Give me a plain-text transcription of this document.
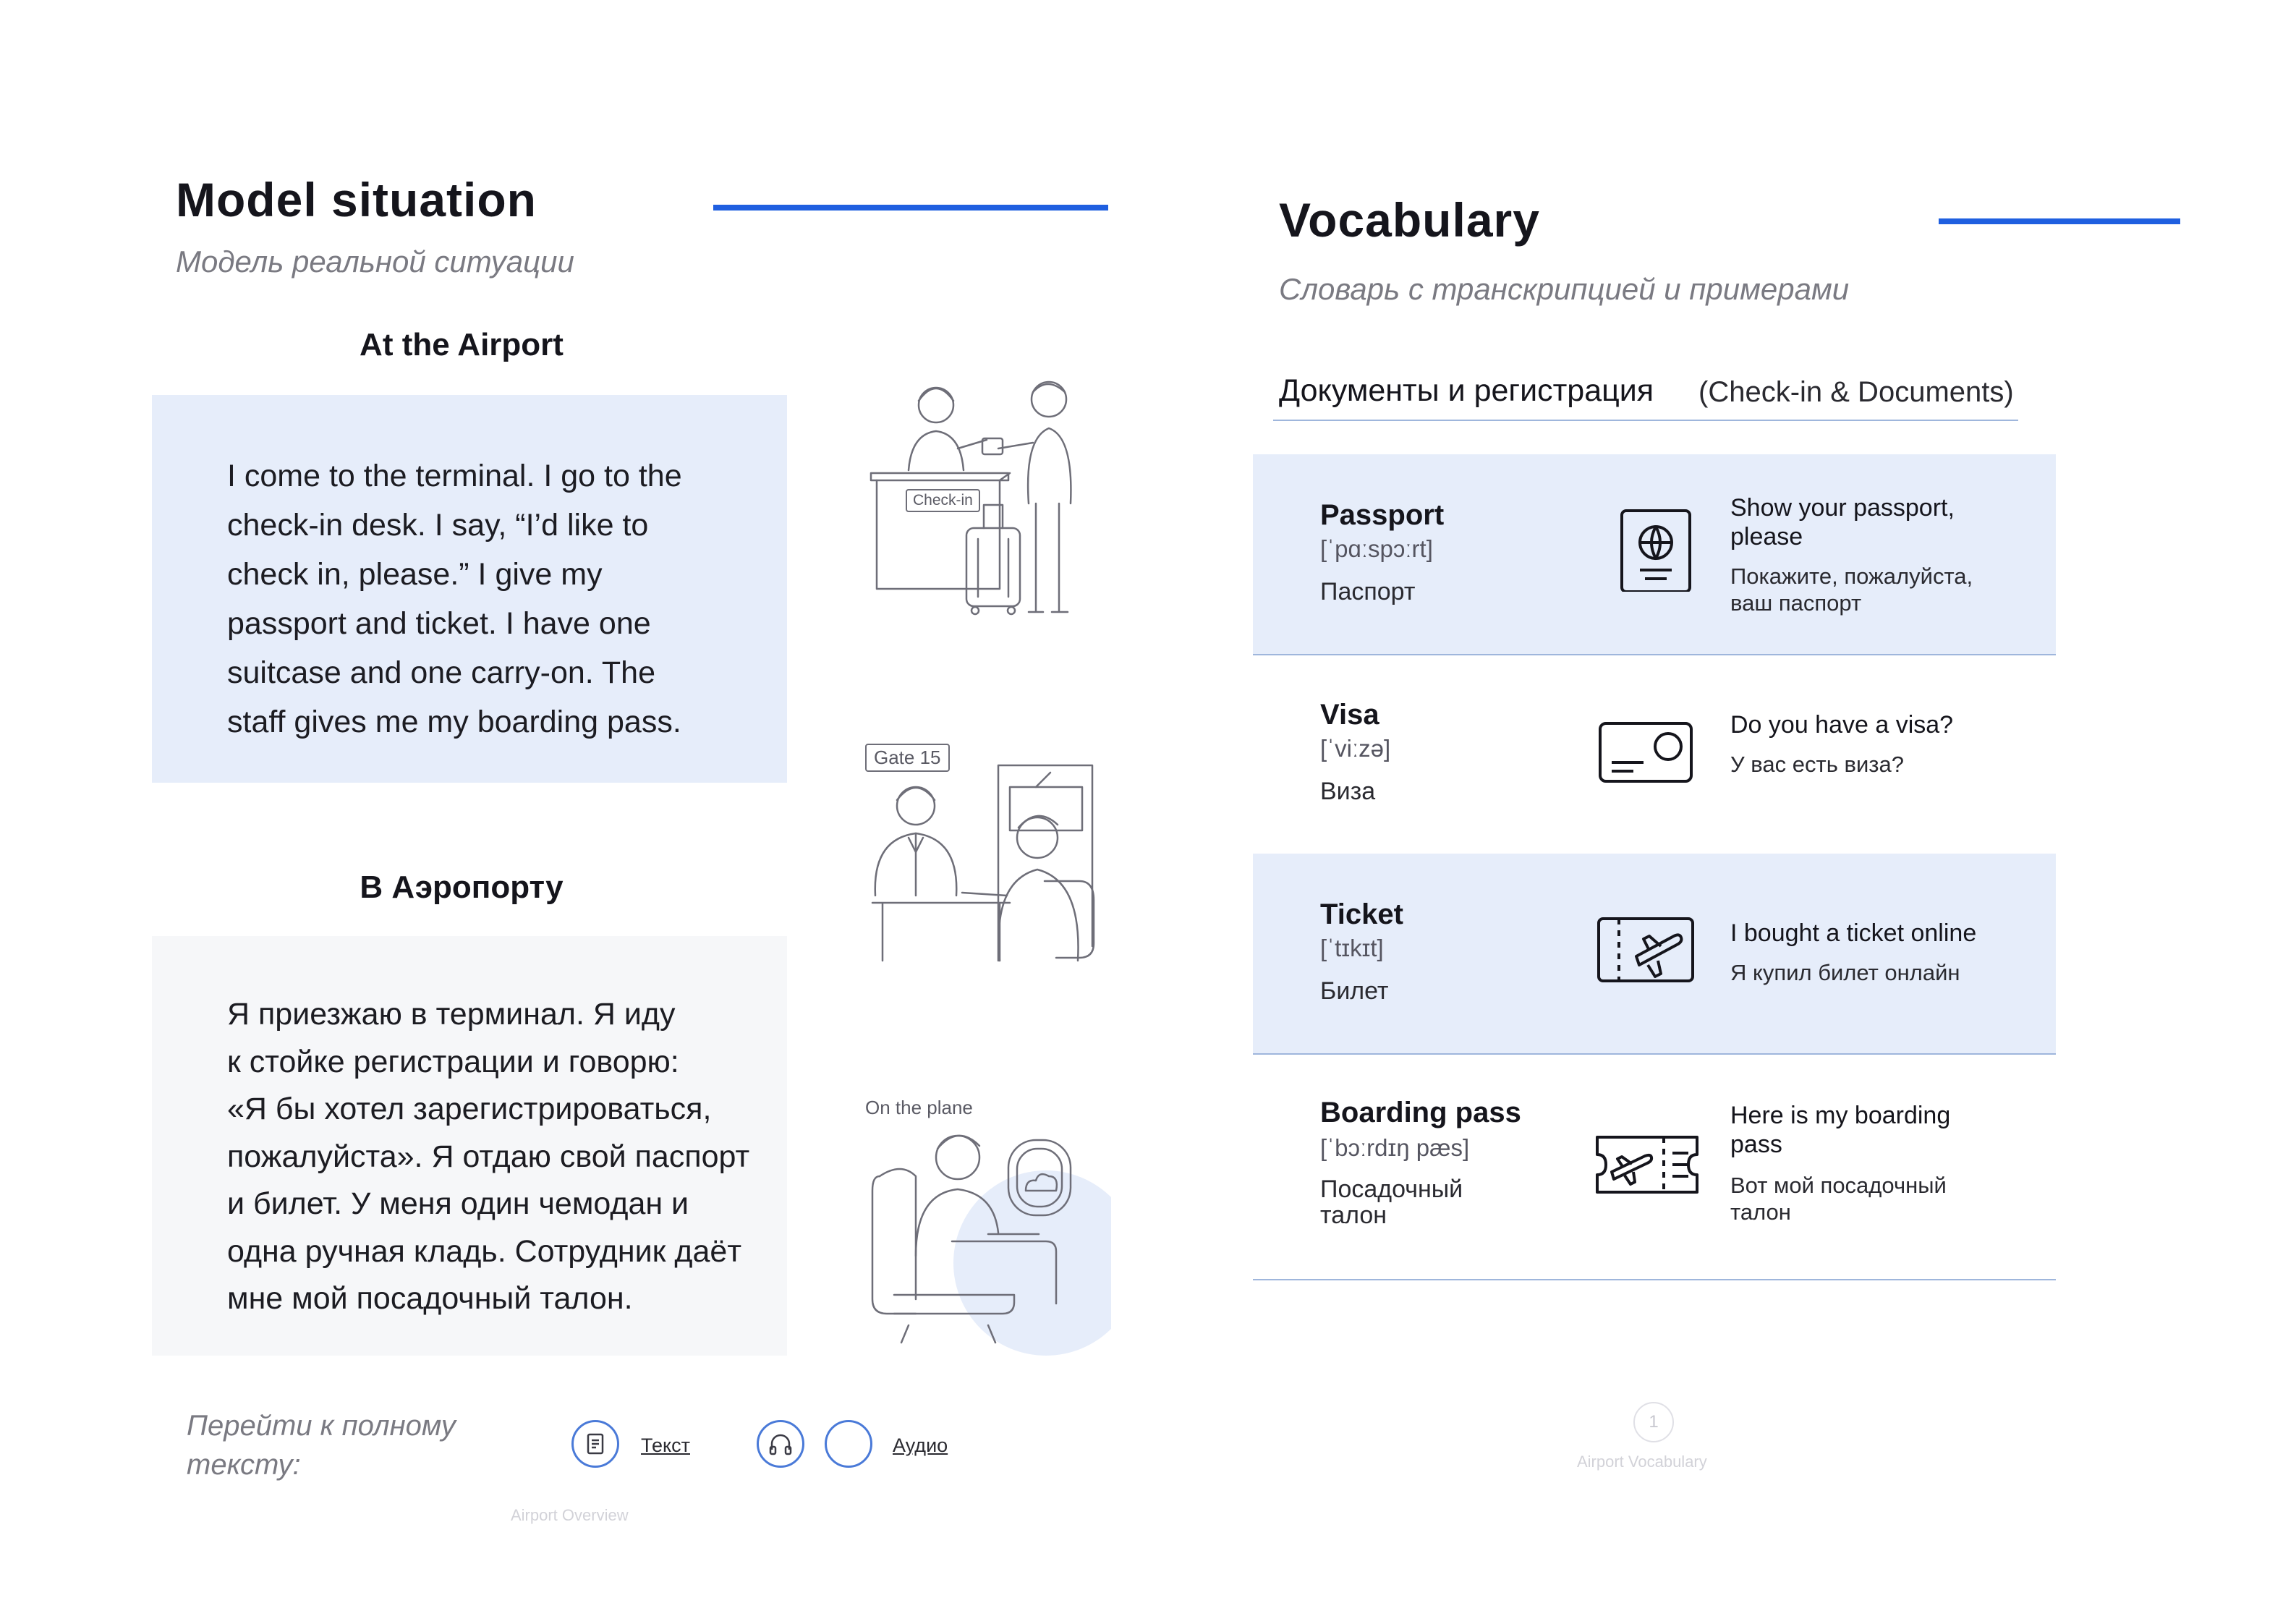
Model situation
Модель реальной ситуации
At the Airport
I come to the terminal. I go to the
check-in desk. I say, “I’d like to
check in, please.” I give my
passport and ticket. I have one
suitcase and one carry-on. The
staff gives me my boarding pass.
В Аэропорту
Я приезжаю в терминал. Я иду
к стойке регистрации и говорю:
«Я бы хотел зарегистрироваться,
пожалуйста». Я отдаю свой паспорт
и билет. У меня один чемодан и
одна ручная кладь. Сотрудник даёт
мне мой посадочный талон.
Check-in
Gate 15
On the plane
Перейти к полному
тексту:
Текст	Аудио
Airport Overview
Vocabulary
Словарь с транскрипцией и примерами
Документы и регистрация (Check-in & Documents)
Passport
[ˈpɑːspɔːrt]
Паспорт
Show your passport,
please
Покажите, пожалуйста,
ваш паспорт
Visa
[ˈviːzə]
Виза
Do you have a visa?
У вас есть виза?
Ticket
[ˈtɪkɪt]
Билет
I bought a ticket online
Я купил билет онлайн
Boarding pass
[ˈbɔːrdɪŋ pæs]
Посадочный
талон
Here is my boarding
pass
Вот мой посадочный
талон
1
Airport Vocabulary
